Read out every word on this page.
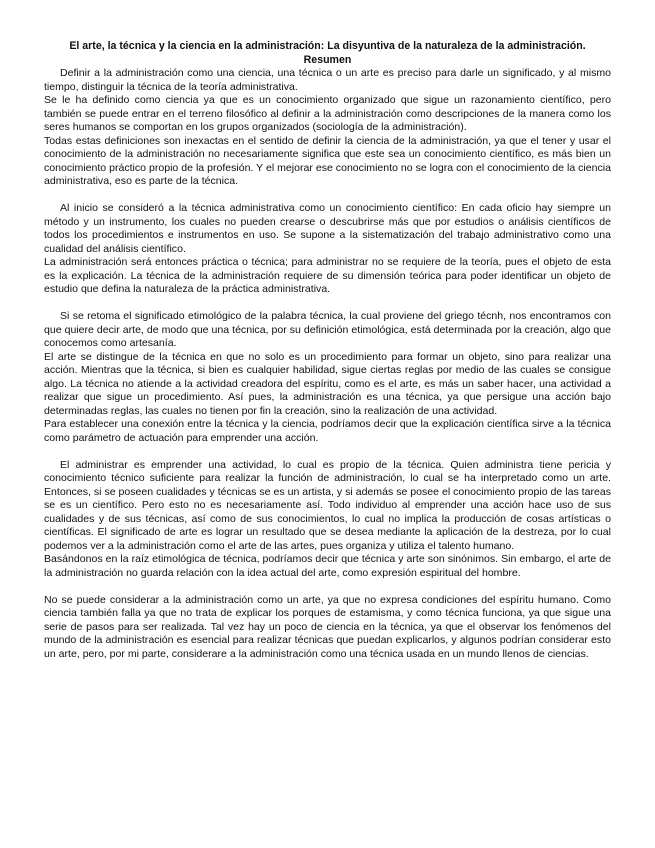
El arte, la técnica y la ciencia en la administración: La disyuntiva de la naturaleza de la administración.

Resumen

Definir a la administración como una ciencia, una técnica o un arte es preciso para darle un significado, y al mismo tiempo, distinguir la técnica de la teoría administrativa.

Se le ha definido como ciencia ya que es un conocimiento organizado que sigue un razonamiento científico, pero también se puede entrar en el terreno filosófico al definir a la administración como descripciones de la manera como los seres humanos se comportan en los grupos organizados (sociología de la administración).

Todas estas definiciones son inexactas en el sentido de definir la ciencia de la administración, ya que el tener y usar el conocimiento de la administración no necesariamente significa que este sea un conocimiento científico, es más bien un conocimiento práctico propio de la profesión. Y el mejorar ese conocimiento no se logra con el conocimiento de la ciencia administrativa, eso es parte de la técnica.

Al inicio se consideró a la técnica administrativa como un conocimiento científico: En cada oficio hay siempre un método y un instrumento, los cuales no pueden crearse o descubrirse más que por estudios o análisis científicos de todos los procedimientos e instrumentos en uso. Se supone a la sistematización del trabajo administrativo como una cualidad del análisis científico.

La administración será entonces práctica o técnica; para administrar no se requiere de la teoría, pues el objeto de esta es la explicación. La técnica de la administración requiere de su dimensión teórica para poder identificar un objeto de estudio que defina la naturaleza de la práctica administrativa.

Si se retoma el significado etimológico de la palabra técnica, la cual proviene del griego técnh, nos encontramos con que quiere decir arte, de modo que una técnica, por su definición etimológica, está determinada por la creación, algo que conocemos como artesanía.

El arte se distingue de la técnica en que no solo es un procedimiento para formar un objeto, sino para realizar una acción. Mientras que la técnica, si bien es cualquier habilidad, sigue ciertas reglas por medio de las cuales se consigue algo. La técnica no atiende a la actividad creadora del espíritu, como es el arte, es más un saber hacer, una actividad a realizar que sigue un procedimiento. Así pues, la administración es una técnica, ya que persigue una acción bajo determinadas reglas, las cuales no tienen por fin la creación, sino la realización de una actividad.

Para establecer una conexión entre la técnica y la ciencia, podríamos decir que la explicación científica sirve a la técnica como parámetro de actuación para emprender una acción.

El administrar es emprender una actividad, lo cual es propio de la técnica. Quien administra tiene pericia y conocimiento técnico suficiente para realizar la función de administración, lo cual se ha interpretado como un arte. Entonces, si se poseen cualidades y técnicas se es un artista, y si además se posee el conocimiento propio de las tareas se es un científico. Pero esto no es necesariamente así. Todo individuo al emprender una acción hace uso de sus cualidades y de sus técnicas, así como de sus conocimientos, lo cual no implica la producción de cosas artísticas o científicas. El significado de arte es lograr un resultado que se desea mediante la aplicación de la destreza, por lo cual podemos ver a la administración como el arte de las artes, pues organiza y utiliza el talento humano.

Basándonos en la raíz etimológica de técnica, podríamos decir que técnica y arte son sinónimos. Sin embargo, el arte de la administración no guarda relación con la idea actual del arte, como expresión espiritual del hombre.

No se puede considerar a la administración como un arte, ya que no expresa condiciones del espíritu humano. Como ciencia también falla ya que no trata de explicar los porques de estamisma, y como técnica funciona, ya que sigue una serie de pasos para ser realizada. Tal vez hay un poco de ciencia en la técnica, ya que el observar los fenómenos del mundo de la administración es esencial para realizar técnicas que puedan explicarlos, y algunos podrían considerar esto un arte, pero, por mi parte, considerare a la administración como una técnica usada en un mundo llenos de ciencias.
